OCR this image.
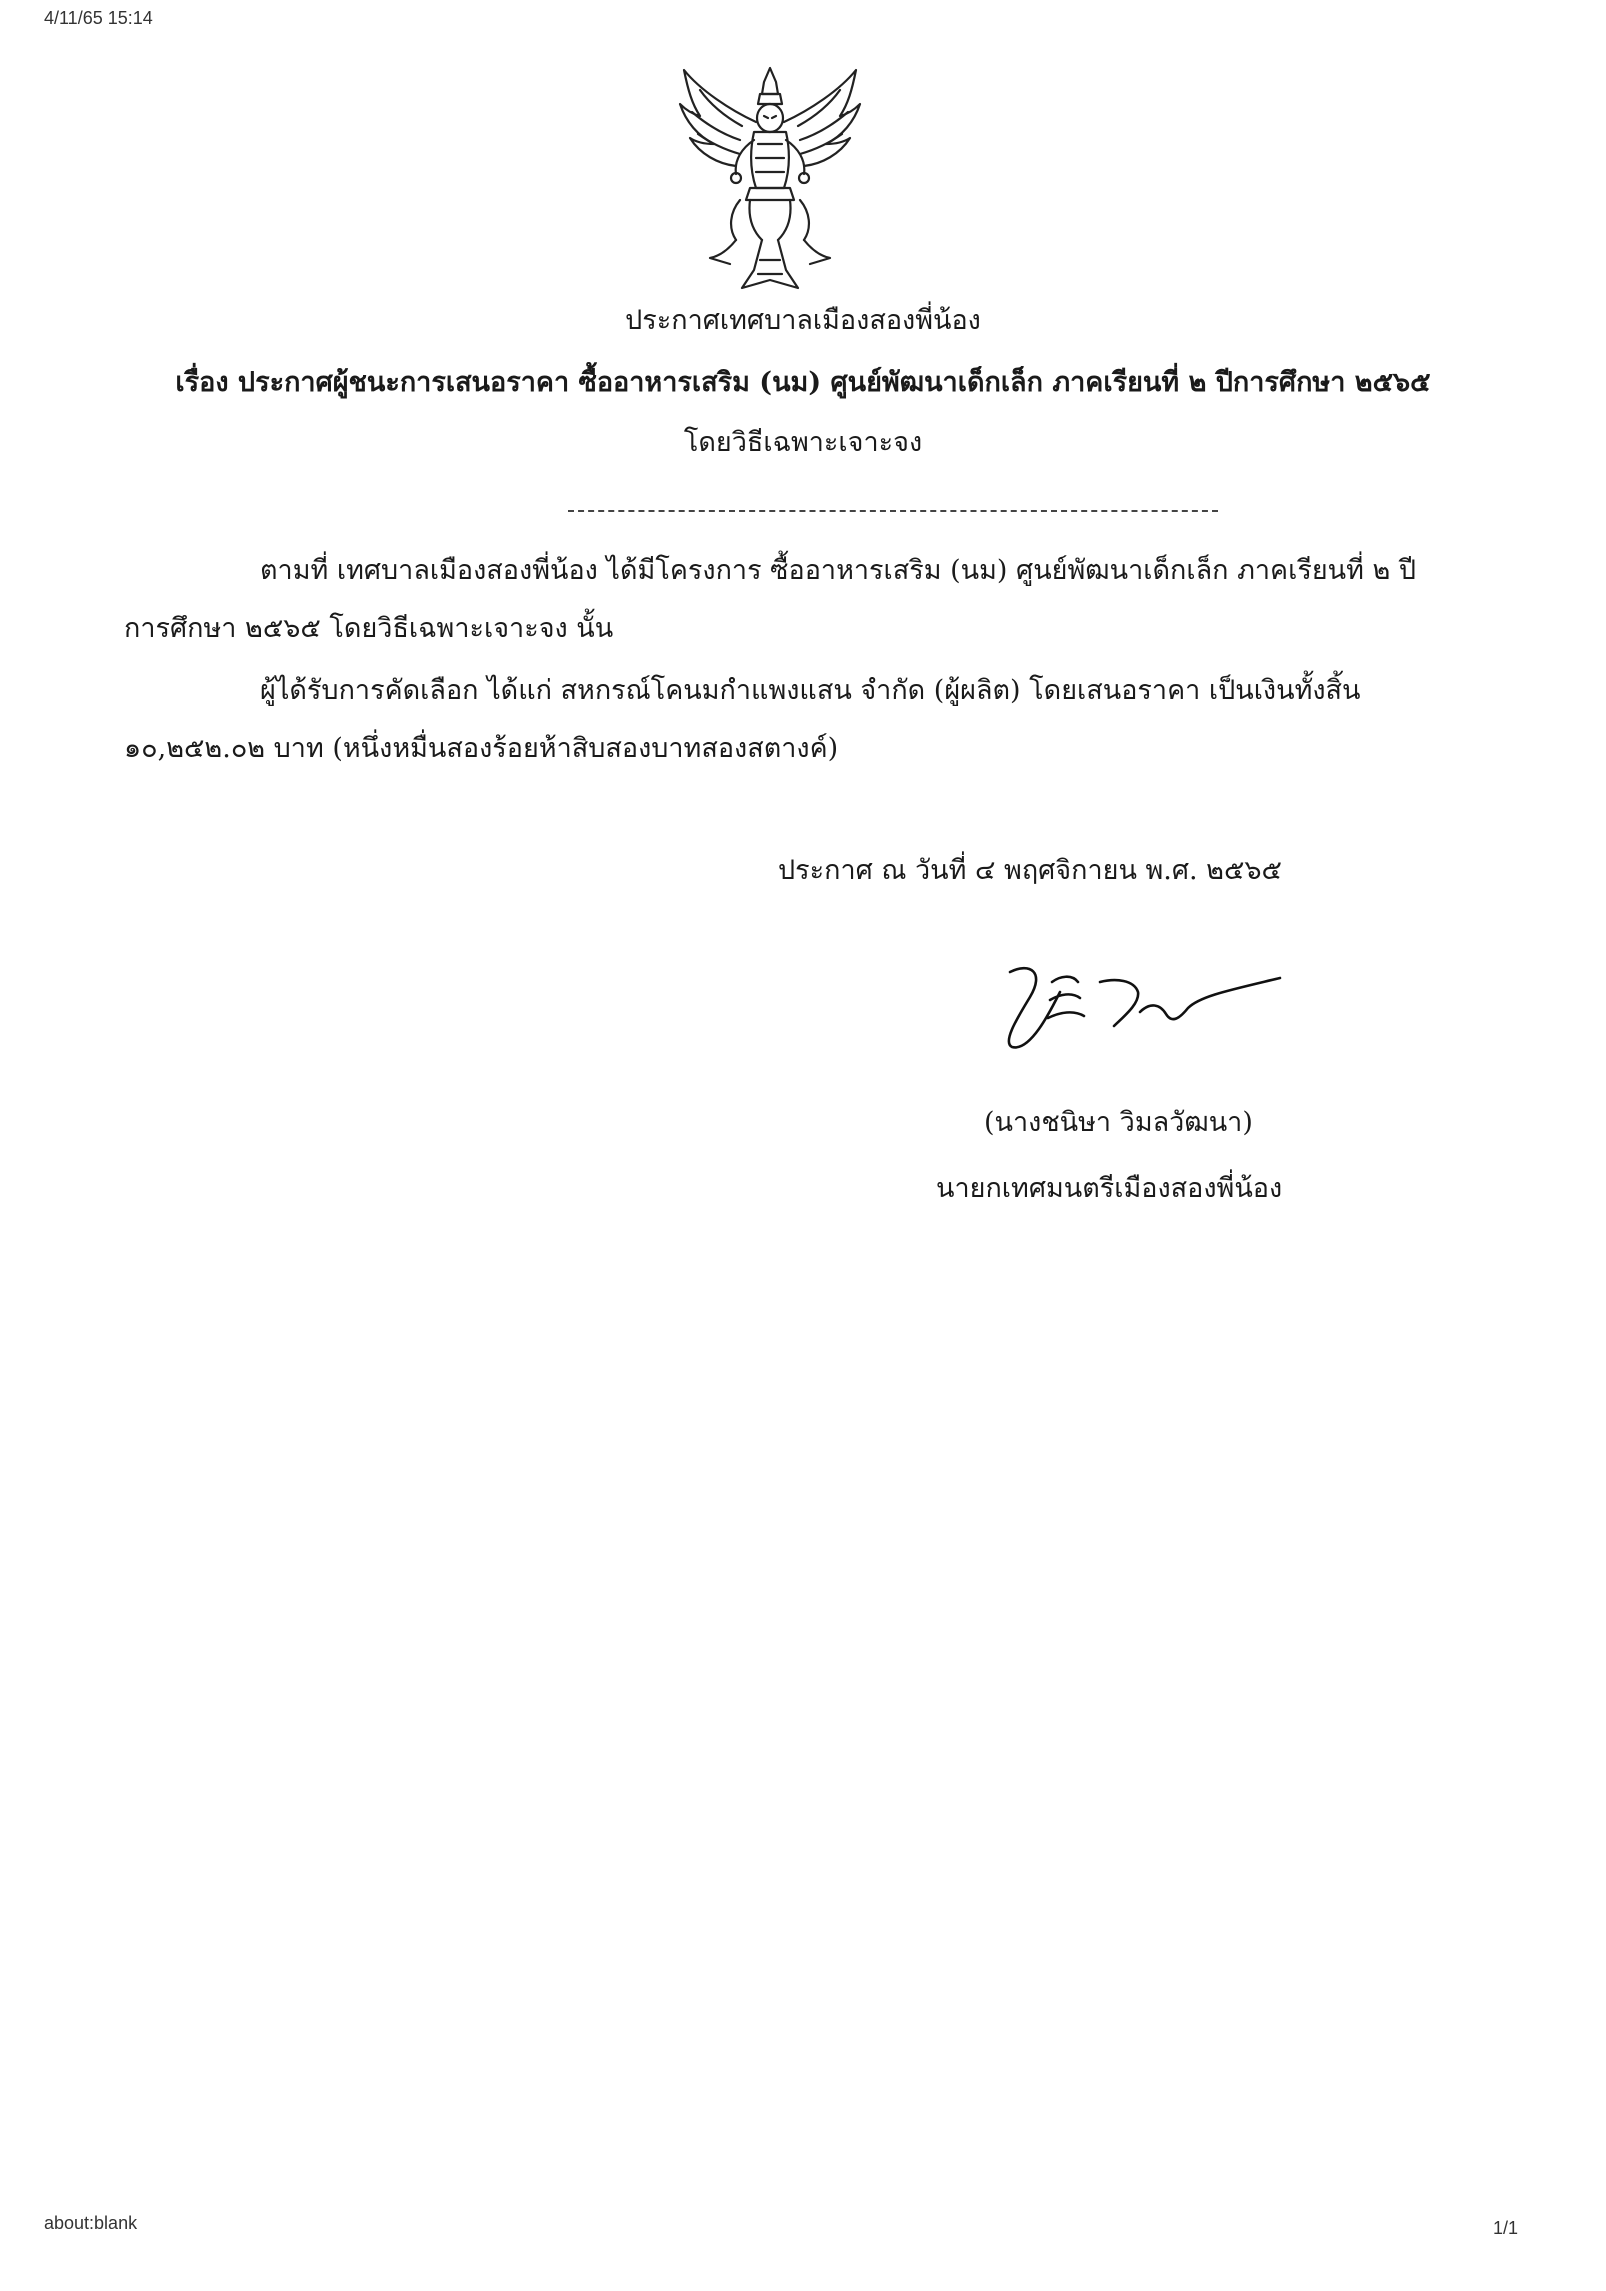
4/11/65 15:14
ประกาศเทศบาลเมืองสองพี่น้อง
เรื่อง ประกาศผู้ชนะการเสนอราคา ซื้ออาหารเสริม (นม) ศูนย์พัฒนาเด็กเล็ก ภาคเรียนที่ ๒ ปีการศึกษา ๒๕๖๕
โดยวิธีเฉพาะเจาะจง
ตามที่ เทศบาลเมืองสองพี่น้อง ได้มีโครงการ ซื้ออาหารเสริม (นม) ศูนย์พัฒนาเด็กเล็ก ภาคเรียนที่ ๒ ปี
การศึกษา ๒๕๖๕ โดยวิธีเฉพาะเจาะจง นั้น
ผู้ได้รับการคัดเลือก ได้แก่ สหกรณ์โคนมกำแพงแสน จำกัด (ผู้ผลิต) โดยเสนอราคา เป็นเงินทั้งสิ้น
๑๐,๒๕๒.๐๒ บาท (หนึ่งหมื่นสองร้อยห้าสิบสองบาทสองสตางค์)
ประกาศ ณ วันที่ ๔ พฤศจิกายน พ.ศ. ๒๕๖๕
(นางชนิษา วิมลวัฒนา)
นายกเทศมนตรีเมืองสองพี่น้อง
about:blank	1/1
